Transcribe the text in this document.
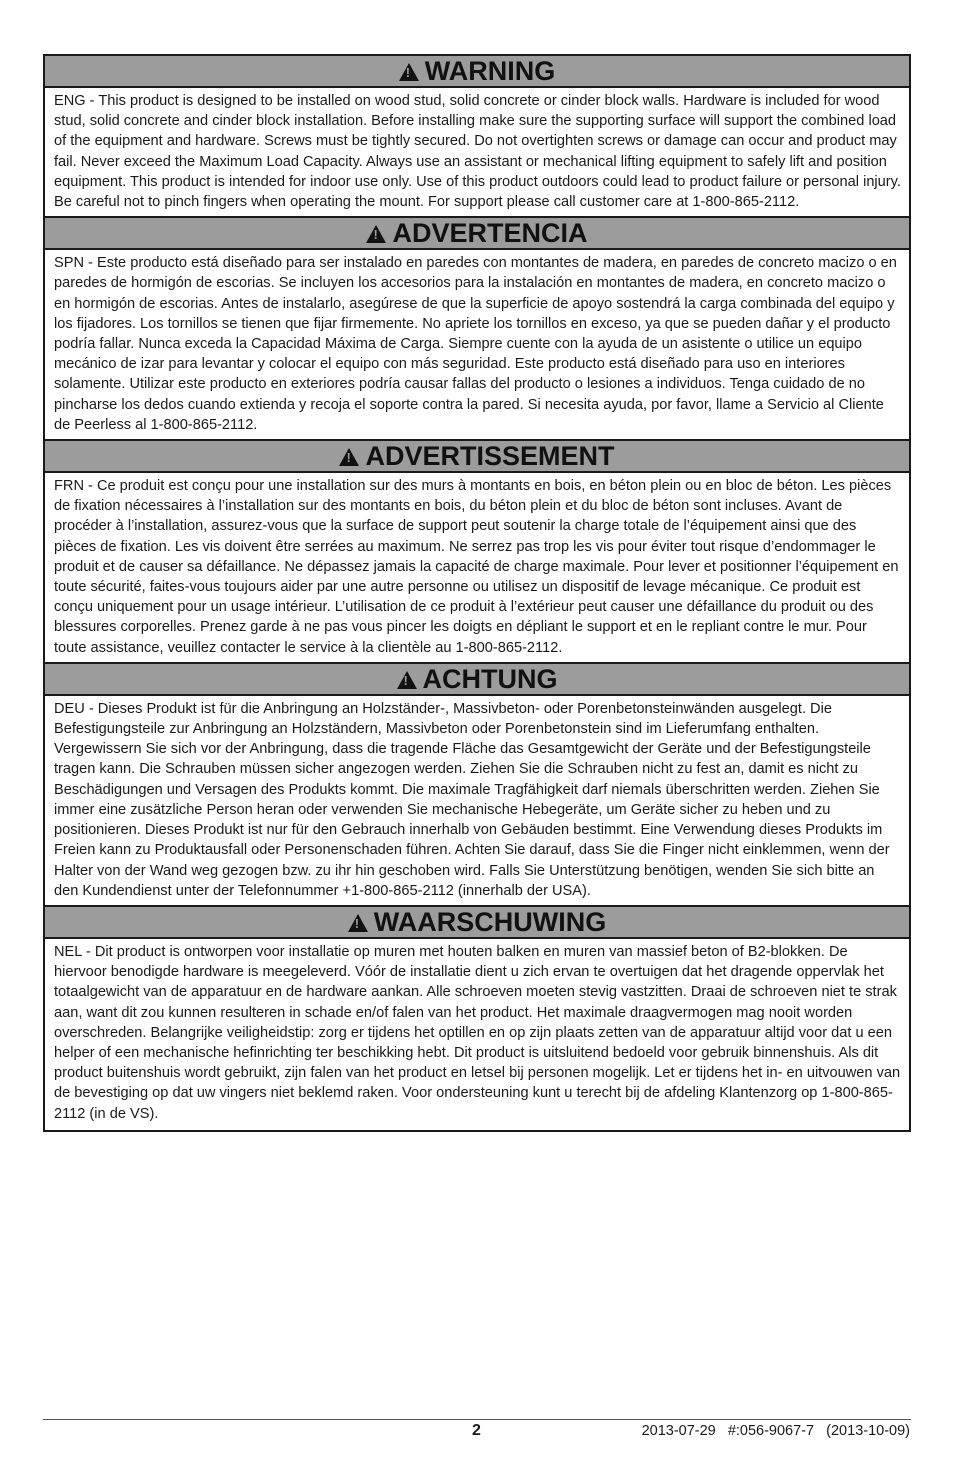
!WARNING
ENG - This product is designed to be installed on wood stud, solid concrete or cinder block walls. Hardware is included for wood stud, solid concrete and cinder block installation. Before installing make sure the supporting surface will support the combined load of the equipment and hardware. Screws must be tightly secured. Do not overtighten screws or damage can occur and product may fail. Never exceed the Maximum Load Capacity. Always use an assistant or mechanical lifting equipment to safely lift and position equipment. This product is intended for indoor use only. Use of this product outdoors could lead to product failure or personal injury. Be careful not to pinch fingers when operating the mount. For support please call customer care at 1-800-865-2112.
!ADVERTENCIA
SPN - Este producto está diseñado para ser instalado en paredes con montantes de madera, en paredes de concreto macizo o en paredes de hormigón de escorias. Se incluyen los accesorios para la instalación en montantes de madera, en concreto macizo o en hormigón de escorias. Antes de instalarlo, asegúrese de que la superficie de apoyo sostendrá la carga combinada del equipo y los fijadores. Los tornillos se tienen que fijar firmemente. No apriete los tornillos en exceso, ya que se pueden dañar y el producto podría fallar. Nunca exceda la Capacidad Máxima de Carga. Siempre cuente con la ayuda de un asistente o utilice un equipo mecánico de izar para levantar y colocar el equipo con más seguridad. Este producto está diseñado para uso en interiores solamente. Utilizar este producto en exteriores podría causar fallas del producto o lesiones a individuos. Tenga cuidado de no pincharse los dedos cuando extienda y recoja el soporte contra la pared. Si necesita ayuda, por favor, llame a Servicio al Cliente de Peerless al 1-800-865-2112.
!ADVERTISSEMENT
FRN - Ce produit est conçu pour une installation sur des murs à montants en bois, en béton plein ou en bloc de béton. Les pièces de fixation nécessaires à l’installation sur des montants en bois, du béton plein et du bloc de béton sont incluses. Avant de procéder à l’installation, assurez-vous que la surface de support peut soutenir la charge totale de l’équipement ainsi que des pièces de fixation. Les vis doivent être serrées au maximum. Ne serrez pas trop les vis pour éviter tout risque d’endommager le produit et de causer sa défaillance. Ne dépassez jamais la capacité de charge maximale. Pour lever et positionner l’équipement en toute sécurité, faites-vous toujours aider par une autre personne ou utilisez un dispositif de levage mécanique. Ce produit est conçu uniquement pour un usage intérieur. L’utilisation de ce produit à l’extérieur peut causer une défaillance du produit ou des blessures corporelles. Prenez garde à ne pas vous pincer les doigts en dépliant le support et en le repliant contre le mur. Pour toute assistance, veuillez contacter le service à la clientèle au 1-800-865-2112.
!ACHTUNG
DEU - Dieses Produkt ist für die Anbringung an Holzständer-, Massivbeton- oder Porenbetonsteinwänden ausgelegt. Die Befestigungsteile zur Anbringung an Holzständern, Massivbeton oder Porenbetonstein sind im Lieferumfang enthalten. Vergewissern Sie sich vor der Anbringung, dass die tragende Fläche das Gesamtgewicht der Geräte und der Befestigungsteile tragen kann. Die Schrauben müssen sicher angezogen werden. Ziehen Sie die Schrauben nicht zu fest an, damit es nicht zu Beschädigungen und Versagen des Produkts kommt. Die maximale Tragfähigkeit darf niemals überschritten werden. Ziehen Sie immer eine zusätzliche Person heran oder verwenden Sie mechanische Hebegeräte, um Geräte sicher zu heben und zu positionieren. Dieses Produkt ist nur für den Gebrauch innerhalb von Gebäuden bestimmt. Eine Verwendung dieses Produkts im Freien kann zu Produktausfall oder Personenschaden führen. Achten Sie darauf, dass Sie die Finger nicht einklemmen, wenn der Halter von der Wand weg gezogen bzw. zu ihr hin geschoben wird. Falls Sie Unterstützung benötigen, wenden Sie sich bitte an den Kundendienst unter der Telefonnummer +1-800-865-2112 (innerhalb der USA).
!WAARSCHUWING
NEL - Dit product is ontworpen voor installatie op muren met houten balken en muren van massief beton of B2-blokken. De hiervoor benodigde hardware is meegeleverd. Vóór de installatie dient u zich ervan te overtuigen dat het dragende oppervlak het totaalgewicht van de apparatuur en de hardware aankan. Alle schroeven moeten stevig vastzitten. Draai de schroeven niet te strak aan, want dit zou kunnen resulteren in schade en/of falen van het product. Het maximale draagvermogen mag nooit worden overschreden. Belangrijke veiligheidstip: zorg er tijdens het optillen en op zijn plaats zetten van de apparatuur altijd voor dat u een helper of een mechanische hefinrichting ter beschikking hebt. Dit product is uitsluitend bedoeld voor gebruik binnenshuis. Als dit product buitenshuis wordt gebruikt, zijn falen van het product en letsel bij personen mogelijk. Let er tijdens het in- en uitvouwen van de bevestiging op dat uw vingers niet beklemd raken. Voor ondersteuning kunt u terecht bij de afdeling Klantenzorg op 1-800-865-2112 (in de VS).
2	2013-07-29   #:056-9067-7   (2013-10-09)
